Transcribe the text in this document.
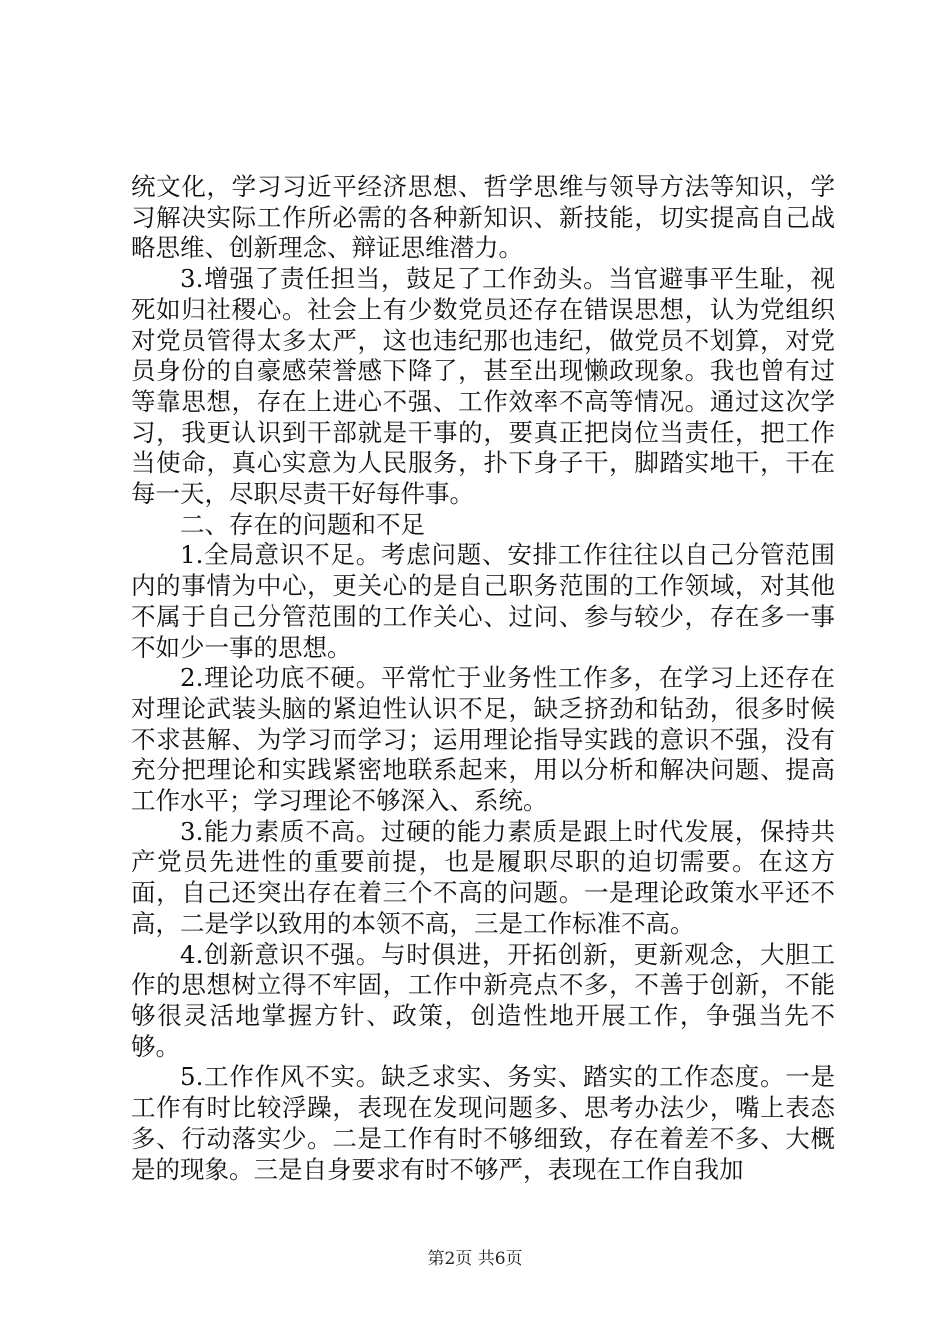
统文化，学习习近平经济思想、哲学思维与领导方法等知识，学习解决实际工作所必需的各种新知识、新技能，切实提高自己战略思维、创新理念、辩证思维潜力。

3.增强了责任担当，鼓足了工作劲头。当官避事平生耻，视死如归社稷心。社会上有少数党员还存在错误思想，认为党组织对党员管得太多太严，这也违纪那也违纪，做党员不划算，对党员身份的自豪感荣誉感下降了，甚至出现懒政现象。我也曾有过等靠思想，存在上进心不强、工作效率不高等情况。通过这次学习，我更认识到干部就是干事的，要真正把岗位当责任，把工作当使命，真心实意为人民服务，扑下身子干，脚踏实地干，干在每一天，尽职尽责干好每件事。

二、存在的问题和不足

1.全局意识不足。考虑问题、安排工作往往以自己分管范围内的事情为中心，更关心的是自己职务范围的工作领域，对其他不属于自己分管范围的工作关心、过问、参与较少，存在多一事不如少一事的思想。

2.理论功底不硬。平常忙于业务性工作多，在学习上还存在对理论武装头脑的紧迫性认识不足，缺乏挤劲和钻劲，很多时候不求甚解、为学习而学习；运用理论指导实践的意识不强，没有充分把理论和实践紧密地联系起来，用以分析和解决问题、提高工作水平；学习理论不够深入、系统。

3.能力素质不高。过硬的能力素质是跟上时代发展，保持共产党员先进性的重要前提，也是履职尽职的迫切需要。在这方面，自己还突出存在着三个不高的问题。一是理论政策水平还不高，二是学以致用的本领不高，三是工作标准不高。

4.创新意识不强。与时俱进，开拓创新，更新观念，大胆工作的思想树立得不牢固，工作中新亮点不多，不善于创新，不能够很灵活地掌握方针、政策，创造性地开展工作，争强当先不够。

5.工作作风不实。缺乏求实、务实、踏实的工作态度。一是工作有时比较浮躁，表现在发现问题多、思考办法少，嘴上表态多、行动落实少。二是工作有时不够细致，存在着差不多、大概是的现象。三是自身要求有时不够严，表现在工作自我加

第2页 共6页
